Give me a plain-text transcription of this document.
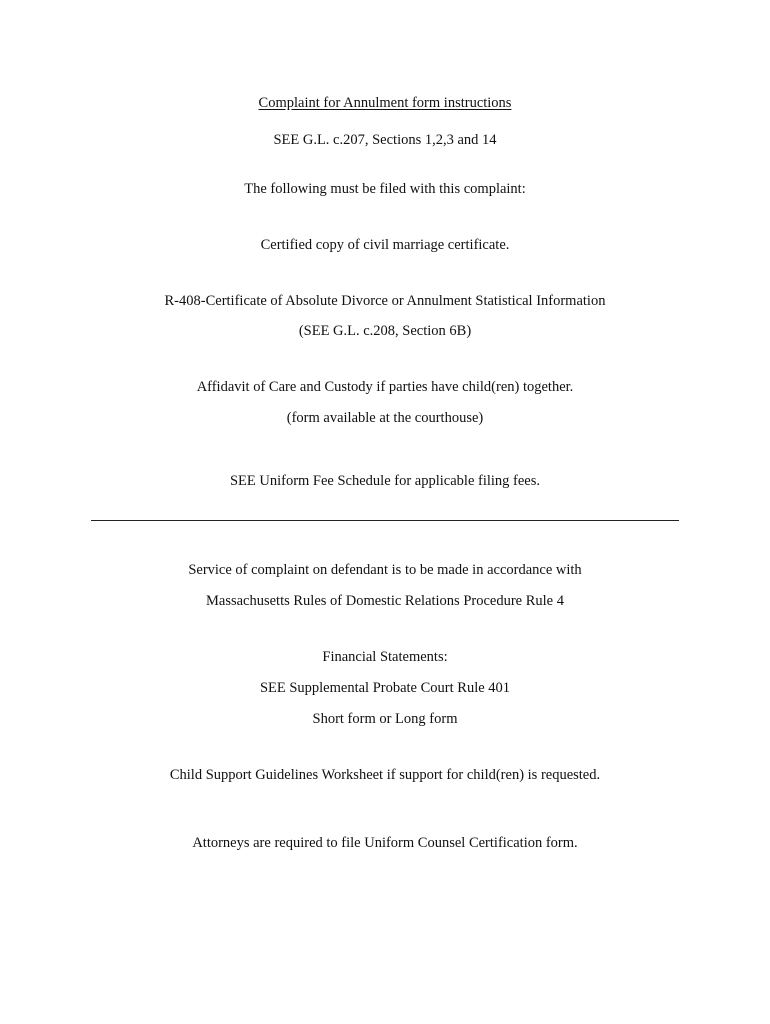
Complaint for Annulment form instructions
SEE G.L. c.207, Sections 1,2,3 and 14
The following must be filed with this complaint:
Certified copy of civil marriage certificate.
R-408-Certificate of Absolute Divorce or Annulment Statistical Information
(SEE G.L. c.208, Section 6B)
Affidavit of Care and Custody if parties have child(ren) together.
(form available at the courthouse)
SEE Uniform Fee Schedule for applicable filing fees.
Service of complaint on defendant is to be made in accordance with
Massachusetts Rules of Domestic Relations Procedure Rule 4
Financial Statements:
SEE Supplemental Probate Court Rule 401
Short form or Long form
Child Support Guidelines Worksheet if support for child(ren) is requested.
Attorneys are required to file Uniform Counsel Certification form.
